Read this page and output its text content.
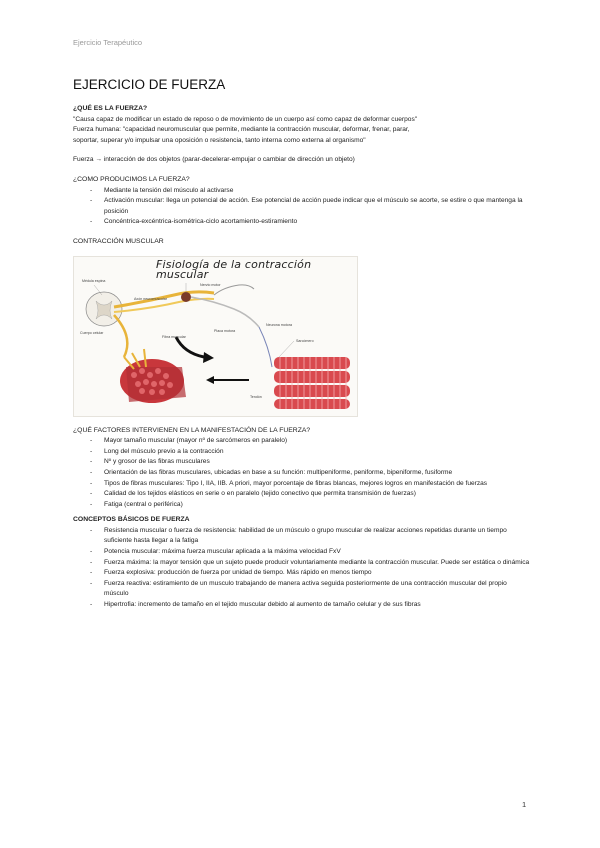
Ejercicio Terapéutico
EJERCICIO DE FUERZA

¿QUÉ ES LA FUERZA?

"Causa capaz de modificar un estado de reposo o de movimiento de un cuerpo así como capaz de deformar cuerpos"

Fuerza humana: "capacidad neuromuscular que permite, mediante la contracción muscular, deformar, frenar, parar,

soportar, superar y/o impulsar una oposición o resistencia, tanto interna como externa al organismo"

Fuerza → interacción de dos objetos (parar-decelerar-empujar o cambiar de dirección un objeto)

¿COMO PRODUCIMOS LA FUERZA?

- Mediante la tensión del músculo al activarse
- Activación muscular: llega un potencial de acción. Ese potencial de acción puede indicar que el músculo se acorte, se estire o que mantenga la posición
- Concéntrica-excéntrica-isométrica-ciclo acortamiento-estiramiento

CONTRACCIÓN MUSCULAR

Fisiología de la contracción muscular
Médula espina
Nervio motor
Axón neuromuscular
Cuerpo celular	Placa motora
Fibra muscular
Neurona motora
Sarcómero
Tendón

¿QUÉ FACTORES INTERVIENEN EN LA MANIFESTACIÓN DE LA FUERZA?

- Mayor tamaño muscular (mayor nº de sarcómeros en paralelo)
- Long del músculo previo a la contracción
- Nº y grosor de las fibras musculares
- Orientación de las fibras musculares, ubicadas en base a su función: multipeniforme, peniforme, bipeniforme, fusiforme
- Tipos de fibras musculares: Tipo I, IIA, IIB. A priori, mayor porcentaje de fibras blancas, mejores logros en manifestación de fuerzas
- Calidad de los tejidos elásticos en serie o en paralelo (tejido conectivo que permita transmisión de fuerzas)
- Fatiga (central o periférica)

CONCEPTOS BÁSICOS DE FUERZA

- Resistencia muscular o fuerza de resistencia: habilidad de un músculo o grupo muscular de realizar acciones repetidas durante un tiempo suficiente hasta llegar a la fatiga
- Potencia muscular: máxima fuerza muscular aplicada a la máxima velocidad FxV
- Fuerza máxima: la mayor tensión que un sujeto puede producir voluntariamente mediante la contracción muscular. Puede ser estática o dinámica
- Fuerza explosiva: producción de fuerza por unidad de tiempo. Más rápido en menos tiempo
- Fuerza reactiva: estiramiento de un musculo trabajando de manera activa seguida posteriormente de una contracción muscular del propio músculo
- Hipertrofia: incremento de tamaño en el tejido muscular debido al aumento de tamaño celular y de sus fibras
1
